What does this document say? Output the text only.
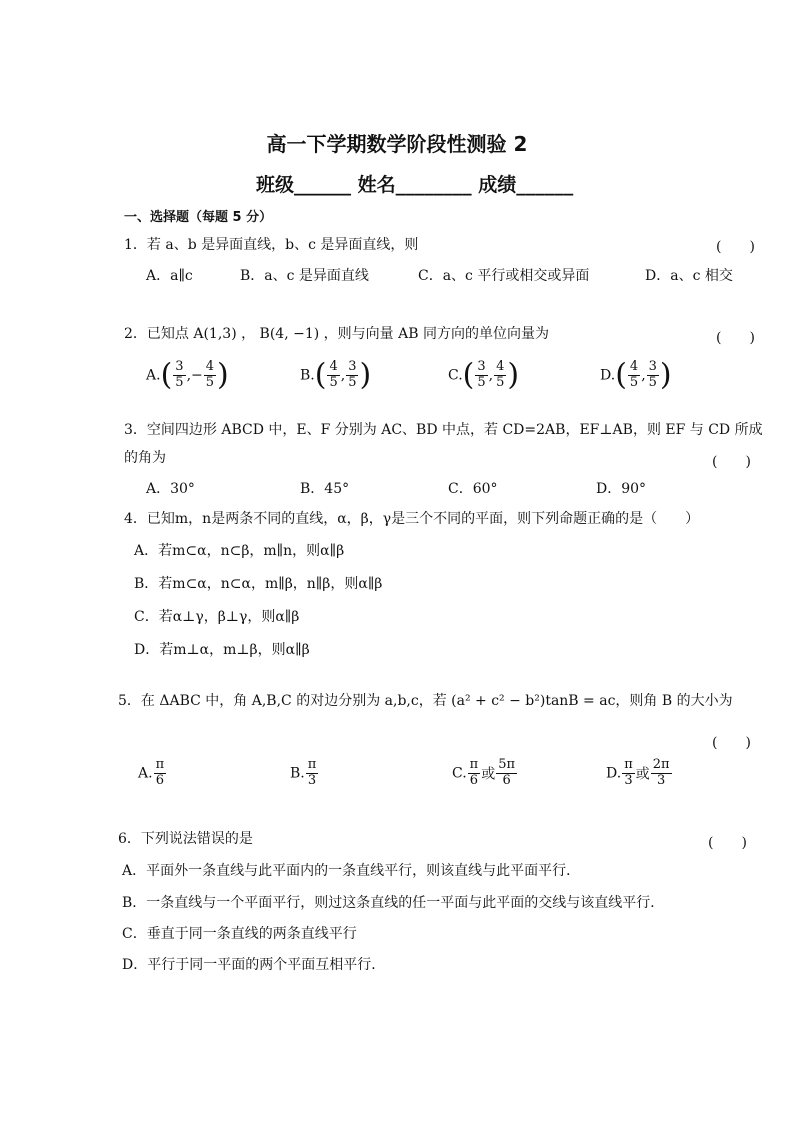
高一下学期数学阶段性测验 2
班级______ 姓名________ 成绩______
一、选择题（每题 5 分）
1．若 a、b 是异面直线，b、c 是异面直线，则	(　　)
A．a∥c	B．a、c 是异面直线	C．a、c 平行或相交或异面	D．a、c 相交
2．已知点 A(1,3) ， B(4, −1) ，则与向量 AB 同方向的单位向量为	(　　)
$A.( \frac{3}{5}$ ,− $\frac{4}{5}$ )	$B.( \frac{4}{5}$ , $\frac{3}{5}$ )	$C.( \frac{3}{5}$ , $\frac{4}{5}$ )	$D.( \frac{4}{5}$ , $\frac{3}{5}$ )
3．空间四边形 ABCD 中，E、F 分别为 AC、BD 中点，若 CD=2AB，EF⊥AB，则 EF 与 CD 所成
的角为	(　　)
A．30°	B．45°	C．60°	D．90°
4．已知m，n是两条不同的直线，α，β，γ是三个不同的平面，则下列命题正确的是（　　）
A．若m⊂α，n⊂β，m∥n，则α∥β
B．若m⊂α，n⊂α，m∥β，n∥β，则α∥β
C．若α⊥γ，β⊥γ，则α∥β
D．若m⊥α，m⊥β，则α∥β
5．在 ΔABC 中，角 A,B,C 的对边分别为 a,b,c，若 (a² + c² − b²)tanB = ac，则角 B 的大小为
(　　)
A. $\frac{\pi}{6}$	B. $\frac{\pi}{3}$	C. $\frac{\pi}{6}$ 或 $\frac{5\pi}{6}$	D. $\frac{\pi}{3}$ 或 $\frac{2\pi}{3}$
6．下列说法错误的是	(　　)
A．平面外一条直线与此平面内的一条直线平行，则该直线与此平面平行．
B．一条直线与一个平面平行，则过这条直线的任一平面与此平面的交线与该直线平行．
C．垂直于同一条直线的两条直线平行
D．平行于同一平面的两个平面互相平行．
